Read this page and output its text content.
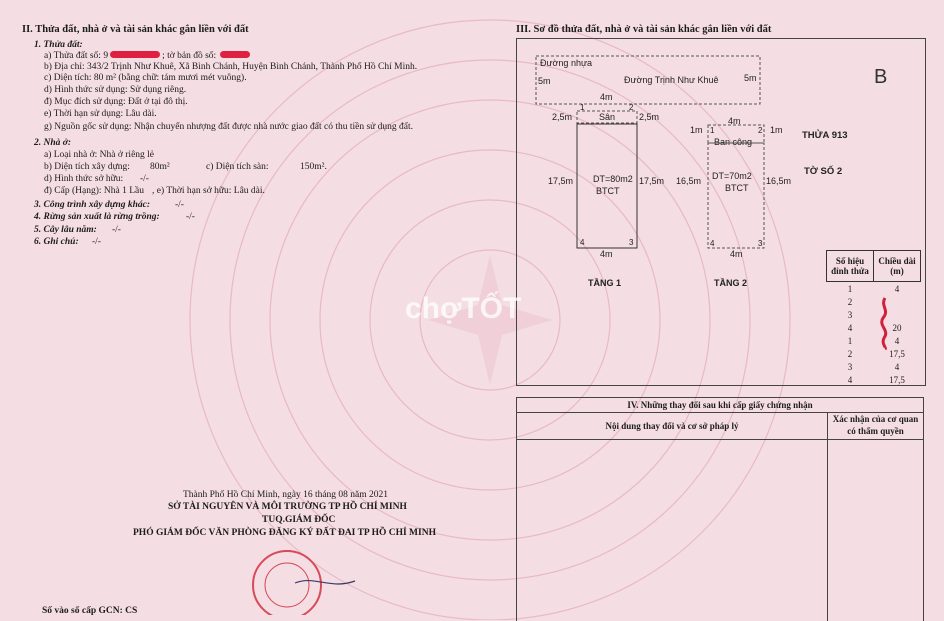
II. Thửa đất, nhà ở và tài sản khác gắn liền với đất
1. Thửa đất:
a) Thửa đất số: 9	; tờ bản đồ số:
b) Địa chỉ: 343/2 Trịnh Như Khuê, Xã Bình Chánh, Huyện Bình Chánh, Thành Phố Hồ Chí Minh.
c) Diện tích: 80 m² (bằng chữ: tám mươi mét vuông).
d) Hình thức sử dụng: Sử dụng riêng.
đ) Mục đích sử dụng: Đất ở tại đô thị.
e) Thời hạn sử dụng: Lâu dài.
g) Nguồn gốc sử dụng: Nhận chuyển nhượng đất được nhà nước giao đất có thu tiền sử dụng đất.
2. Nhà ở:
a) Loại nhà ở: Nhà ở riêng lẻ
b) Diện tích xây dựng: 80m²	c) Diện tích sàn:	150m².
d) Hình thức sở hữu: -/-
đ) Cấp (Hạng): Nhà 1 Lầu , e) Thời hạn sở hữu: Lâu dài.
3. Công trình xây dựng khác:	-/-
4. Rừng sản xuất là rừng trồng:	-/-
5. Cây lâu năm: -/-
6. Ghi chú: -/-
Thành Phố Hồ Chí Minh, ngày 16 tháng 08 năm 2021
SỞ TÀI NGUYÊN VÀ MÔI TRƯỜNG TP HỒ CHÍ MINH
TUQ.GIÁM ĐỐC
PHÓ GIÁM ĐỐC VĂN PHÒNG ĐĂNG KÝ ĐẤT ĐAI TP HỒ CHÍ MINH
Số vào sổ cấp GCN: CS
III. Sơ đồ thửa đất, nhà ở và tài sản khác gắn liền với đất
Đường nhựa
Đường Trịnh Như Khuê
5m	5m
4m
Sân
2,5m	2,5m
1	2
4	3
DT=80m2
BTCT
17,5m	17,5m
4m
TẦNG 1
4m
1m	1m
Ban công
1	2
4	3
DT=70m2
BTCT
16,5m	16,5m
4m
TẦNG 2
THỬA 913
TỜ SỐ 2
B
Số hiệu đỉnh thửa	Chiều dài (m)
1	4
2	
3	
4	20
1	4
2	17,5
3	4
4	17,5
IV. Những thay đổi sau khi cấp giấy chứng nhận
Nội dung thay đổi và cơ sở pháp lý
Xác nhận của cơ quan có thẩm quyền
chợTỐT
